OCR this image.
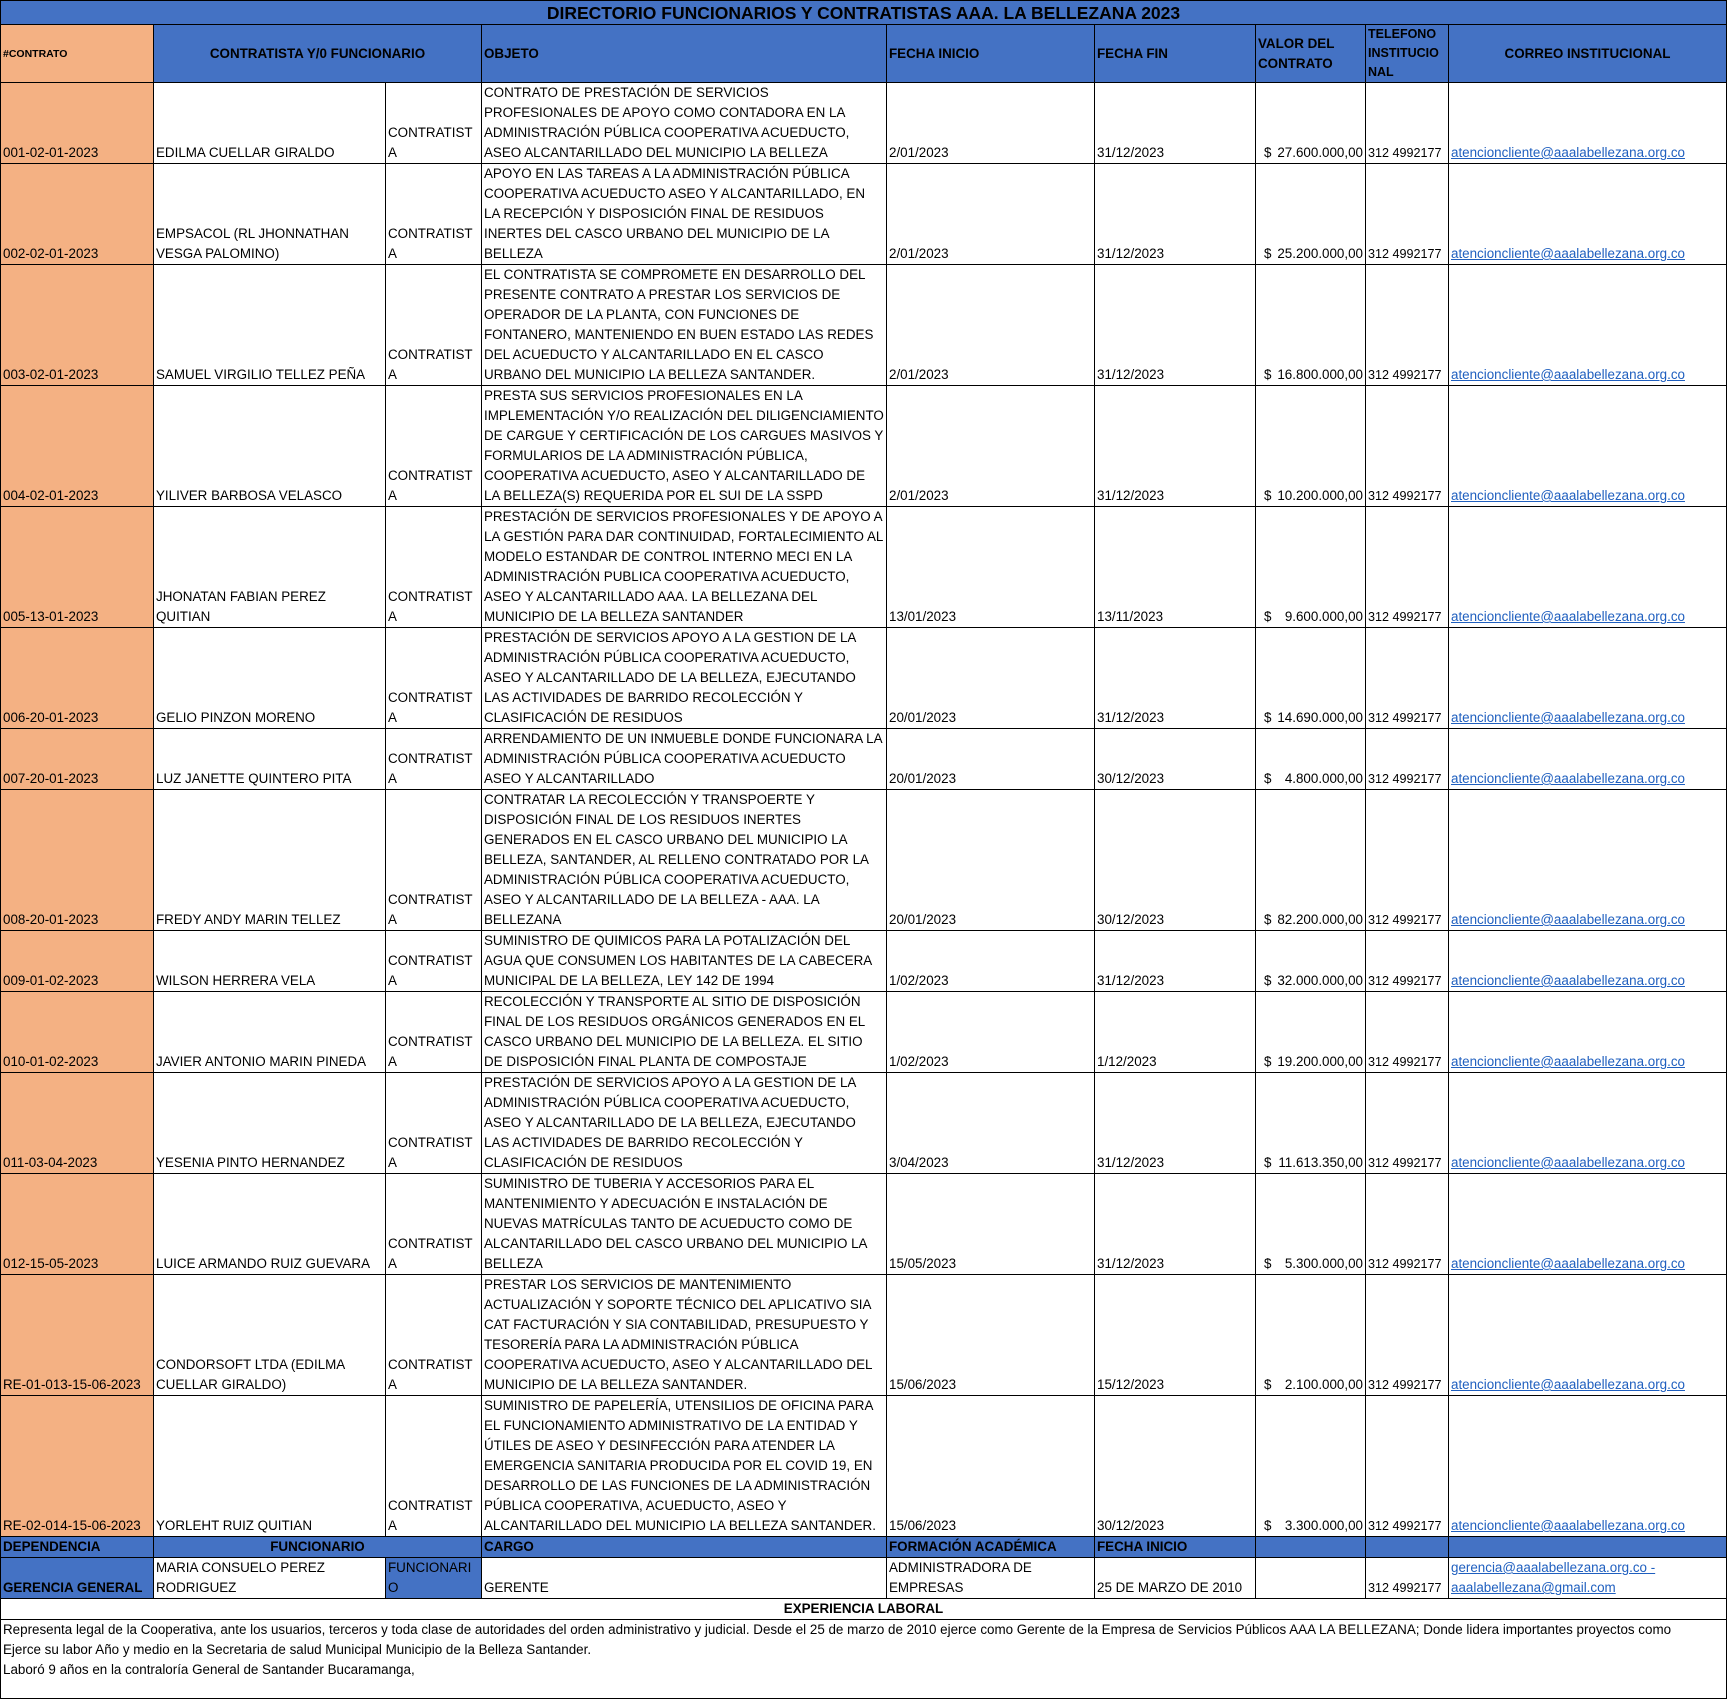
DIRECTORIO FUNCIONARIOS Y CONTRATISTAS AAA. LA BELLEZANA 2023								
#CONTRATO	CONTRATISTA Y/0 FUNCIONARIO		OBJETO	FECHA INICIO	FECHA FIN	VALOR DEL CONTRATO	TELEFONO INSTITUCIONAL	CORREO INSTITUCIONAL
001-02-01-2023	EDILMA CUELLAR GIRALDO	CONTRATISTA	CONTRATO DE PRESTACIÓN DE SERVICIOS PROFESIONALES DE APOYO COMO CONTADORA EN LA ADMINISTRACIÓN PÚBLICA COOPERATIVA ACUEDUCTO, ASEO ALCANTARILLADO DEL MUNICIPIO LA BELLEZA	2/01/2023	31/12/2023	$ 27.600.000,00	312 4992177	atencioncliente@aaalabellezana.org.co
002-02-01-2023	EMPSACOL (RL JHONNATHAN VESGA PALOMINO)	CONTRATISTA	APOYO EN LAS TAREAS A LA ADMINISTRACIÓN PÚBLICA COOPERATIVA ACUEDUCTO ASEO Y ALCANTARILLADO, EN LA RECEPCIÓN Y DISPOSICIÓN FINAL DE RESIDUOS INERTES DEL CASCO URBANO DEL MUNICIPIO DE LA BELLEZA	2/01/2023	31/12/2023	$ 25.200.000,00	312 4992177	atencioncliente@aaalabellezana.org.co
003-02-01-2023	SAMUEL VIRGILIO TELLEZ PEÑA	CONTRATISTA	EL CONTRATISTA SE COMPROMETE EN DESARROLLO DEL PRESENTE CONTRATO A PRESTAR LOS SERVICIOS DE OPERADOR DE LA PLANTA, CON FUNCIONES DE FONTANERO, MANTENIENDO EN BUEN ESTADO LAS REDES DEL ACUEDUCTO Y ALCANTARILLADO EN EL CASCO URBANO DEL MUNICIPIO LA BELLEZA SANTANDER.	2/01/2023	31/12/2023	$ 16.800.000,00	312 4992177	atencioncliente@aaalabellezana.org.co
004-02-01-2023	YILIVER BARBOSA VELASCO	CONTRATISTA	PRESTA SUS SERVICIOS PROFESIONALES EN LA IMPLEMENTACIÓN Y/O REALIZACIÓN DEL DILIGENCIAMIENTO DE CARGUE Y CERTIFICACIÓN DE LOS CARGUES MASIVOS Y FORMULARIOS DE LA ADMINISTRACIÓN PÚBLICA, COOPERATIVA ACUEDUCTO, ASEO Y ALCANTARILLADO DE LA BELLEZA(S) REQUERIDA POR EL SUI DE LA SSPD	2/01/2023	31/12/2023	$ 10.200.000,00	312 4992177	atencioncliente@aaalabellezana.org.co
005-13-01-2023	JHONATAN FABIAN PEREZ QUITIAN	CONTRATISTA	PRESTACIÓN DE SERVICIOS PROFESIONALES Y DE APOYO A LA GESTIÓN PARA DAR CONTINUIDAD, FORTALECIMIENTO AL MODELO ESTANDAR DE CONTROL INTERNO MECI EN LA ADMINISTRACIÓN PUBLICA COOPERATIVA ACUEDUCTO, ASEO Y ALCANTARILLADO AAA. LA BELLEZANA DEL MUNICIPIO DE LA BELLEZA SANTANDER	13/01/2023	13/11/2023	$ 9.600.000,00	312 4992177	atencioncliente@aaalabellezana.org.co
006-20-01-2023	GELIO PINZON MORENO	CONTRATISTA	PRESTACIÓN DE SERVICIOS APOYO A LA GESTION DE LA ADMINISTRACIÓN PÚBLICA COOPERATIVA ACUEDUCTO, ASEO Y ALCANTARILLADO DE LA BELLEZA, EJECUTANDO LAS ACTIVIDADES DE BARRIDO RECOLECCIÓN Y CLASIFICACIÓN DE RESIDUOS	20/01/2023	31/12/2023	$ 14.690.000,00	312 4992177	atencioncliente@aaalabellezana.org.co
007-20-01-2023	LUZ JANETTE QUINTERO PITA	CONTRATISTA	ARRENDAMIENTO DE UN INMUEBLE DONDE FUNCIONARA LA ADMINISTRACIÓN PÚBLICA COOPERATIVA ACUEDUCTO ASEO Y ALCANTARILLADO	20/01/2023	30/12/2023	$ 4.800.000,00	312 4992177	atencioncliente@aaalabellezana.org.co
008-20-01-2023	FREDY ANDY MARIN TELLEZ	CONTRATISTA	CONTRATAR LA RECOLECCIÓN Y TRANSPOERTE Y DISPOSICIÓN FINAL DE LOS RESIDUOS INERTES GENERADOS EN EL CASCO URBANO DEL MUNICIPIO LA BELLEZA, SANTANDER, AL RELLENO CONTRATADO POR LA ADMINISTRACIÓN PÚBLICA COOPERATIVA ACUEDUCTO, ASEO Y ALCANTARILLADO DE LA BELLEZA - AAA. LA BELLEZANA	20/01/2023	30/12/2023	$ 82.200.000,00	312 4992177	atencioncliente@aaalabellezana.org.co
009-01-02-2023	WILSON HERRERA VELA	CONTRATISTA	SUMINISTRO DE QUIMICOS PARA LA POTALIZACIÓN DEL AGUA QUE CONSUMEN LOS HABITANTES DE LA CABECERA MUNICIPAL DE LA BELLEZA, LEY 142 DE 1994	1/02/2023	31/12/2023	$ 32.000.000,00	312 4992177	atencioncliente@aaalabellezana.org.co
010-01-02-2023	JAVIER ANTONIO MARIN PINEDA	CONTRATISTA	RECOLECCIÓN Y TRANSPORTE AL SITIO DE DISPOSICIÓN FINAL DE LOS RESIDUOS ORGÁNICOS GENERADOS EN EL CASCO URBANO DEL MUNICIPIO DE LA BELLEZA. EL SITIO DE DISPOSICIÓN FINAL PLANTA DE COMPOSTAJE	1/02/2023	1/12/2023	$ 19.200.000,00	312 4992177	atencioncliente@aaalabellezana.org.co
011-03-04-2023	YESENIA PINTO HERNANDEZ	CONTRATISTA	PRESTACIÓN DE SERVICIOS APOYO A LA GESTION DE LA ADMINISTRACIÓN PÚBLICA COOPERATIVA ACUEDUCTO, ASEO Y ALCANTARILLADO DE LA BELLEZA, EJECUTANDO LAS ACTIVIDADES DE BARRIDO RECOLECCIÓN Y CLASIFICACIÓN DE RESIDUOS	3/04/2023	31/12/2023	$ 11.613.350,00	312 4992177	atencioncliente@aaalabellezana.org.co
012-15-05-2023	LUICE ARMANDO RUIZ GUEVARA	CONTRATISTA	SUMINISTRO DE TUBERIA Y ACCESORIOS PARA EL MANTENIMIENTO Y ADECUACIÓN E INSTALACIÓN DE NUEVAS MATRÍCULAS TANTO DE ACUEDUCTO COMO DE ALCANTARILLADO DEL CASCO URBANO DEL MUNICIPIO LA BELLEZA	15/05/2023	31/12/2023	$ 5.300.000,00	312 4992177	atencioncliente@aaalabellezana.org.co
RE-01-013-15-06-2023	CONDORSOFT LTDA (EDILMA CUELLAR GIRALDO)	CONTRATISTA	PRESTAR LOS SERVICIOS DE MANTENIMIENTO ACTUALIZACIÓN Y SOPORTE TÉCNICO DEL APLICATIVO SIA CAT FACTURACIÓN Y SIA CONTABILIDAD, PRESUPUESTO Y TESORERÍA PARA LA ADMINISTRACIÓN PÚBLICA COOPERATIVA ACUEDUCTO, ASEO Y ALCANTARILLADO DEL MUNICIPIO DE LA BELLEZA SANTANDER.	15/06/2023	15/12/2023	$ 2.100.000,00	312 4992177	atencioncliente@aaalabellezana.org.co
RE-02-014-15-06-2023	YORLEHT RUIZ QUITIAN	CONTRATISTA	SUMINISTRO DE PAPELERÍA, UTENSILIOS DE OFICINA PARA EL FUNCIONAMIENTO ADMINISTRATIVO DE LA ENTIDAD Y ÚTILES DE ASEO Y DESINFECCIÓN PARA ATENDER LA EMERGENCIA SANITARIA PRODUCIDA POR EL COVID 19, EN DESARROLLO DE LAS FUNCIONES DE LA ADMINISTRACIÓN PÚBLICA COOPERATIVA, ACUEDUCTO, ASEO Y ALCANTARILLADO DEL MUNICIPIO LA BELLEZA SANTANDER.	15/06/2023	30/12/2023	$ 3.300.000,00	312 4992177	atencioncliente@aaalabellezana.org.co
DEPENDENCIA	FUNCIONARIO		CARGO	FORMACIÓN ACADÉMICA	FECHA INICIO			
GERENCIA GENERAL	MARIA CONSUELO PEREZ RODRIGUEZ	FUNCIONARIO	GERENTE	ADMINISTRADORA DE EMPRESAS	25 DE MARZO DE 2010		312 4992177	gerencia@aaalabellezana.org.co - aaalabellezana@gmail.com
EXPERIENCIA LABORAL								

Representa legal de la Cooperativa, ante los usuarios, terceros y toda clase de autoridades del orden administrativo y judicial. Desde el 25 de marzo de 2010 ejerce como Gerente de la Empresa de Servicios Públicos AAA LA BELLEZANA; Donde lidera importantes proyectos como

Ejerce su labor Año y medio en la Secretaria de salud Municipal Municipio de la Belleza Santander.

Laboró 9 años en la contraloría General de Santander Bucaramanga,								
